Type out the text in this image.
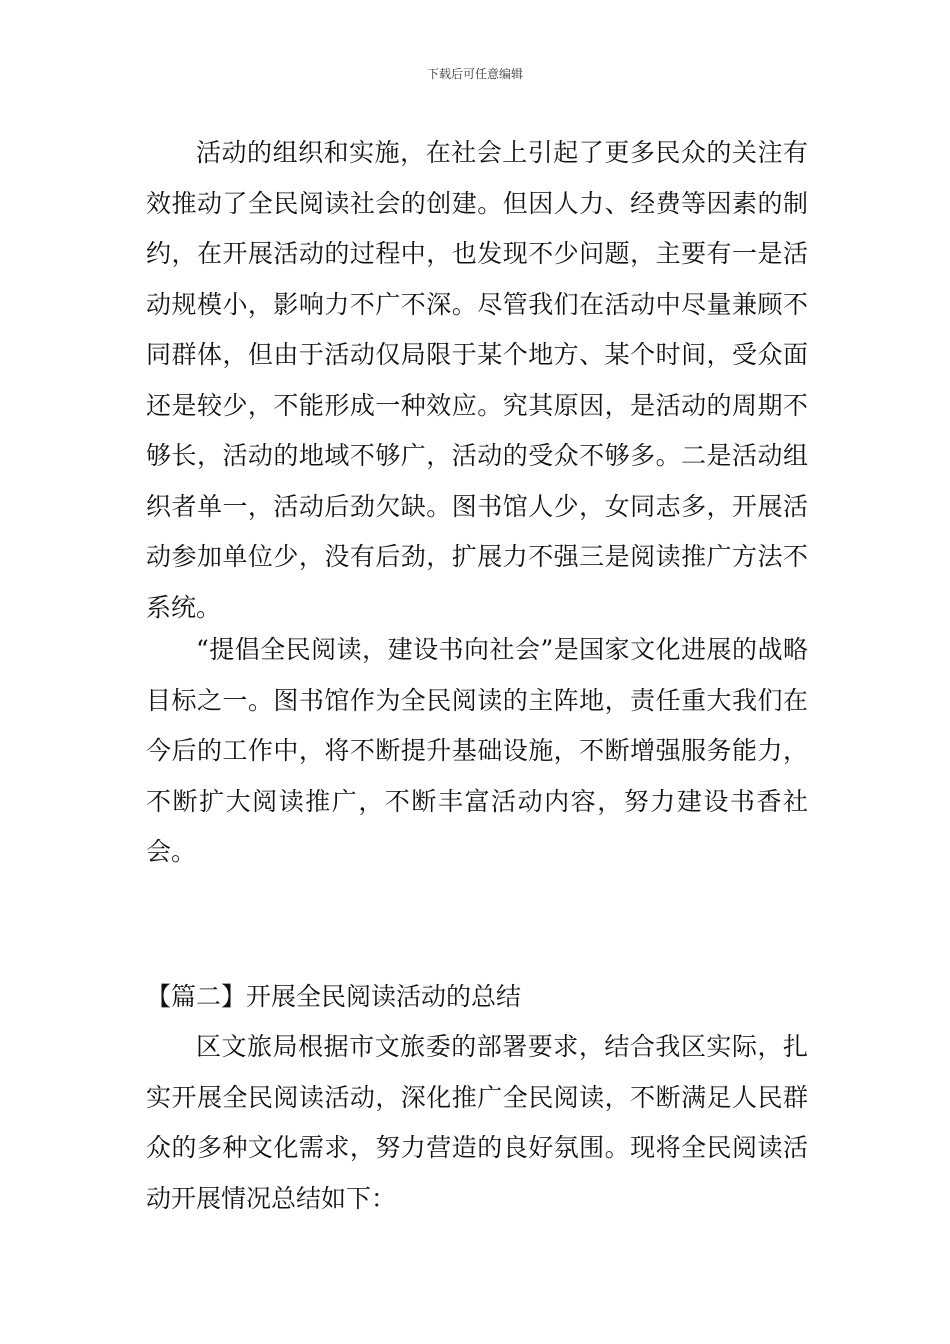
下载后可任意编辑

活动的组织和实施，在社会上引起了更多民众的关注有效推动了全民阅读社会的创建。但因人力、经费等因素的制约，在开展活动的过程中，也发现不少问题，主要有一是活动规模小，影响力不广不深。尽管我们在活动中尽量兼顾不同群体，但由于活动仅局限于某个地方、某个时间，受众面还是较少，不能形成一种效应。究其原因，是活动的周期不够长，活动的地域不够广，活动的受众不够多。二是活动组织者单一，活动后劲欠缺。图书馆人少，女同志多，开展活动参加单位少，没有后劲，扩展力不强三是阅读推广方法不系统。

“提倡全民阅读，建设书向社会”是国家文化进展的战略目标之一。图书馆作为全民阅读的主阵地，责任重大我们在今后的工作中，将不断提升基础设施，不断增强服务能力，不断扩大阅读推广，不断丰富活动内容，努力建设书香社会。

【篇二】开展全民阅读活动的总结

区文旅局根据市文旅委的部署要求，结合我区实际，扎实开展全民阅读活动，深化推广全民阅读，不断满足人民群众的多种文化需求，努力营造的良好氛围。现将全民阅读活动开展情况总结如下：
